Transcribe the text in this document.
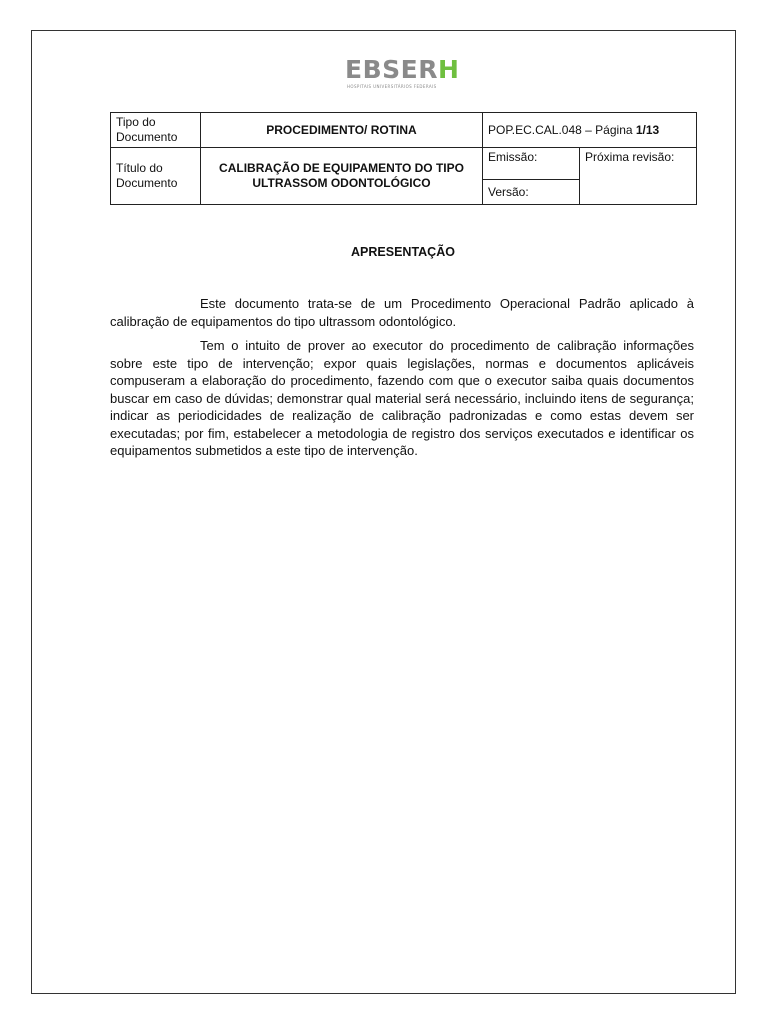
EBSERH
HOSPITAIS UNIVERSITÁRIOS FEDERAIS
Tipo do Documento	PROCEDIMENTO/ ROTINA	POP.EC.CAL.048 – Página 1/13	
Título do Documento	CALIBRAÇÃO DE EQUIPAMENTO DO TIPO ULTRASSOM ODONTOLÓGICO	Emissão:	Próxima revisão:
		Versão:	
APRESENTAÇÃO

Este documento trata-se de um Procedimento Operacional Padrão aplicado à calibração de equipamentos do tipo ultrassom odontológico.

Tem o intuito de prover ao executor do procedimento de calibração informações sobre este tipo de intervenção; expor quais legislações, normas e documentos aplicáveis compuseram a elaboração do procedimento, fazendo com que o executor saiba quais documentos buscar em caso de dúvidas; demonstrar qual material será necessário, incluindo itens de segurança; indicar as periodicidades de realização de calibração padronizadas e como estas devem ser executadas; por fim, estabelecer a metodologia de registro dos serviços executados e identificar os equipamentos submetidos a este tipo de intervenção.
